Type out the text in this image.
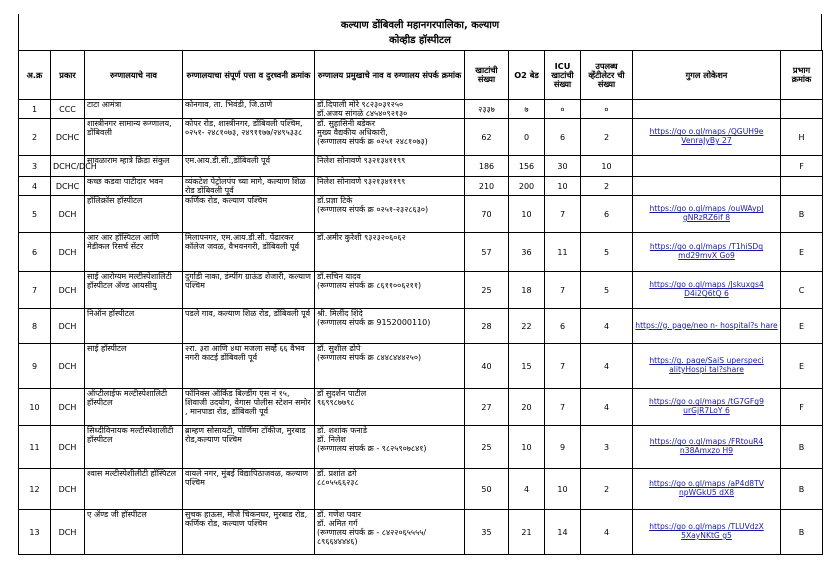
कल्याण डोंबिवली महानगरपालिका, कल्याण
कोव्हीड हॉस्पीटल
अ.क्र	प्रकार	रुग्णालयाचे नाव	रुग्णालयाचा संपूर्ण पत्ता व दुरध्वनी क्रमांक	रुग्णालय प्रमुखाचे नाव व रुग्णालय संपर्क क्रमांक	खाटांची संख्या	O2 बेड	ICU खाटांची संख्या	उपलब्ध व्हेंटीलेटर ची संख्या	गुगल लोकेशन	प्रभाग क्रमांक
1	CCC	टाटा आमंत्रा	कोनगाव, ता. भिवंडी, जि.ठाणे	डॉ.दिपाली मोरे ९८२३०३१२५०
डॉ.अजय सांगळे ८४५४०९२१३०	२३३७	७	०	०		
2	DCHC	शास्त्रीनगर सामान्य रूग्णालय, डोंबिवली	कोपर रोड, शास्त्रीनगर, डोंबिवली पश्चिम, ०२५१- २४८१०७३, २४९११७७/२४९५३३८	डॉ. सुहासिनी बडेकर
मुख्य वैद्यकीय अधिकारी,
(रूग्णालय संपर्क क्र ०२५१ २४८१०७३)	62	0	6	2	https://go o.gl/maps /QGUH9e VenraJyBy 27	H
3	DCHC/DCH	सावळाराम म्हात्रे क्रिडा संकुल	एम.आय.डी.सी.,डोंबिवली पूर्व	निलेश सोनावणे ९३२१३४११९९	186	156	30	10		F
4	DCHC	कच्छ कडवा पाटीदार भवन	व्यंकटेश पेट्रोलपंप च्या मागे, कल्याण शिळ रोड डोंबिवली पूर्व	निलेश सोनावणे ९३२१३४११९९	210	200	10	2		
5	DCH	हॉलिक्रॉस हॉस्पीटल	कर्णिक रोड, कल्याण पश्चिम	डॉ.प्रज्ञा टिके
(रूग्णालय संपर्क क्र ०२५१-२३२८६३०)	70	10	7	6	https://go o.gl/maps /ouWAypJ gNRzRZ6if 8	B
6	DCH	आर आर हॉस्पिटल आणि मेडीकल रिसर्च सेंटर	मिलापनगर, एम.आय.डी.सी. पेंढारकर कॉलेज जवळ, वैभवनगरी, डोंबिवली पूर्व	डॉ.अमीर कुरेशी ९३२३२०६०६२	57	36	11	5	https://go o.gl/maps /T1hiSDq md29mvX Go9	E
7	DCH	साई आरोग्यम मल्टीस्पेशालिटी हॉस्पीटल ॲण्ड आयसीयु	दुर्गाडी नाका, डंम्पींग ग्राऊंड शेजारी, कल्याण पश्चिम	डॉ.सचिन यादव
(रूग्णालय संपर्क क्र ८६११००६२११)	25	18	7	5	https://go o.gl/maps /Jskuxgs4 D4i2Q6tQ 6	C
8	DCH	निऑन हॉस्पीटल	पडले गाव, कल्याण शिळ रोड, डोंबिवली पूर्व	श्री. मिलींद शिंदे
(रूग्णालय संपर्क क्र 9152000110)	28	22	6	4	https://g. page/neo n- hospital?s hare	E
9	DCH	साई हॉस्पीटल	२रा. ३रा आणि ४था मजला सर्व्हे ६६ वैभव नगरी काटई डोंबिवली पूर्व	डॉ. सुशील ढोपे
(रूग्णालय संपर्क क्र ८४४८४४४२५०)	40	15	7	4	https://g. page/SaiS uperspeci alityHospi tal?share	E
10	DCH	ऑप्टीलाईफ मल्टीस्पेशालिटी हॉस्पीटल	फॉनिक्स ऑर्किड बिल्डींग एस नं १५, शिवाजी उदयोग, वेगास पोलीस स्टेशन समोर , मानपाडा रोड, डोंबिवली पूर्व	डॉ सुदर्शन पाटील
९६९९८७७९८	27	20	7	4	https://go o.gl/maps /tG7GFg9 urGjR7LoY 6	F
11	DCH	सिध्दीविनायक मल्टीस्पेशालीटी हॉस्पीटल	ब्राम्हण सोसायटी, पोर्णिमा टॉकीज, मुरबाड रोड,कल्याण पश्चिम	डॉ. शशांक फनाडे
डॉ. निलेश
(रूग्णालय संपर्क क्र - ९८२५९०७८४१)	25	10	9	3	https://go o.gl/maps /FRtouR4 n38Amxzo H9	B
12	DCH	श्वास मल्टीस्पेशीलीटी हॉस्पिटल	वायले नगर, मुंबई विद्यापिठाजवळ, कल्याण पश्चिम	डॉ. प्रशांत ढगे
८८०५५६६२३८	50	4	10	2	https://go o.gl/maps /aP4d8TV npWGkU5 dX8	B
13	DCH	ए ॲण्ड जी हॉस्पीटल	सुचक हाऊस, मौजे चिकनघर, मुरबाड रोड, कर्णिक रोड, कल्याण पश्चिम	डॉ. गणेश पवार
डॉ. अमित गर्ग
(रूग्णालय संपर्क क्र - ८४२२०६५५५५/ ८९६६४४४४६)	35	21	14	4	https://go o.gl/maps /TLUVdzX 5XayNKtG g5	B
